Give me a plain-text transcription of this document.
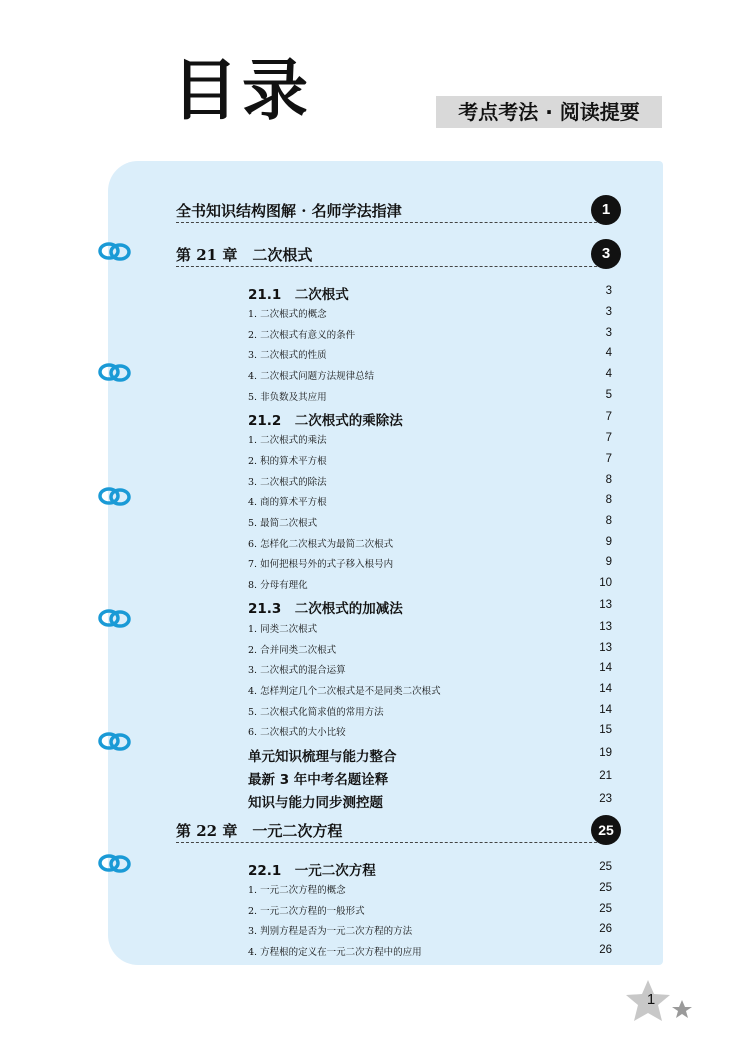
目录	考点考法 · 阅读提要
全书知识结构图解 · 名师学法指津	1
第 21 章　二次根式	3
21.1　二次根式	3
1. 二次根式的概念	3
2. 二次根式有意义的条件	3
3. 二次根式的性质	4
4. 二次根式问题方法规律总结	4
5. 非负数及其应用	5
21.2　二次根式的乘除法	7
1. 二次根式的乘法	7
2. 积的算术平方根	7
3. 二次根式的除法	8
4. 商的算术平方根	8
5. 最简二次根式	8
6. 怎样化二次根式为最简二次根式	9
7. 如何把根号外的式子移入根号内	9
8. 分母有理化	10
21.3　二次根式的加减法	13
1. 同类二次根式	13
2. 合并同类二次根式	13
3. 二次根式的混合运算	14
4. 怎样判定几个二次根式是不是同类二次根式	14
5. 二次根式化简求值的常用方法	14
6. 二次根式的大小比较	15
单元知识梳理与能力整合	19
最新 3 年中考名题诠释	21
知识与能力同步测控题	23
第 22 章　一元二次方程	25
22.1　一元二次方程	25
1. 一元二次方程的概念	25
2. 一元二次方程的一般形式	25
3. 判别方程是否为一元二次方程的方法	26
4. 方程根的定义在一元二次方程中的应用	26
1
